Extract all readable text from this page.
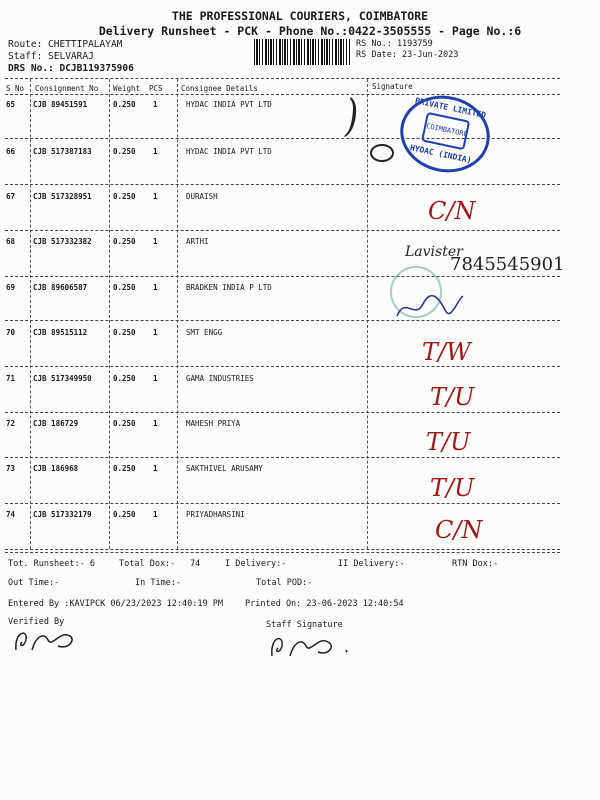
THE PROFESSIONAL COURIERS, COIMBATORE
Delivery Runsheet - PCK - Phone No.:0422-3505555 - Page No.:6
Route: CHETTIPALAYAM
Staff: SELVARAJ
DRS No.: DCJB119375906
RS No.: 1193759
RS Date: 23-Jun-2023
S No Consignment No Weight PCS Consignee Details	Signature
65 CJB 89451591	0.250 1	HYDAC INDIA PVT LTD
66 CJB 517387183	0.250 1	HYDAC INDIA PVT LTD
67 CJB 517328951	0.250 1	DURAISH
68 CJB 517332382	0.250 1	ARTHI
69 CJB 89606587	0.250 1	BRADKEN INDIA P LTD
70 CJB 89515112	0.250 1	SMT ENGG
71 CJB 517349950	0.250 1	GAMA INDUSTRIES
72 CJB 186729	0.250 1	MAHESH PRIYA
73 CJB 186968	0.250 1	SAKTHIVEL ARUSAMY
74 CJB 517332179	0.250 1	PRIYADHARSINI
)
C/N
Lavister
7845545901
T/W
T/U
T/U
T/U
C/N
PRIVATE LIMITED
COIMBATORE
HYDAC (INDIA)
Tot. Runsheet:- 6	Total Dox:- 74	I Delivery:-	II Delivery:-	RTN Dox:-
Out Time:-	In Time:-	Total POD:-
Entered By :KAVIPCK 06/23/2023 12:40:19 PM	Printed On: 23-06-2023 12:40:54
Verified By	Staff Signature
